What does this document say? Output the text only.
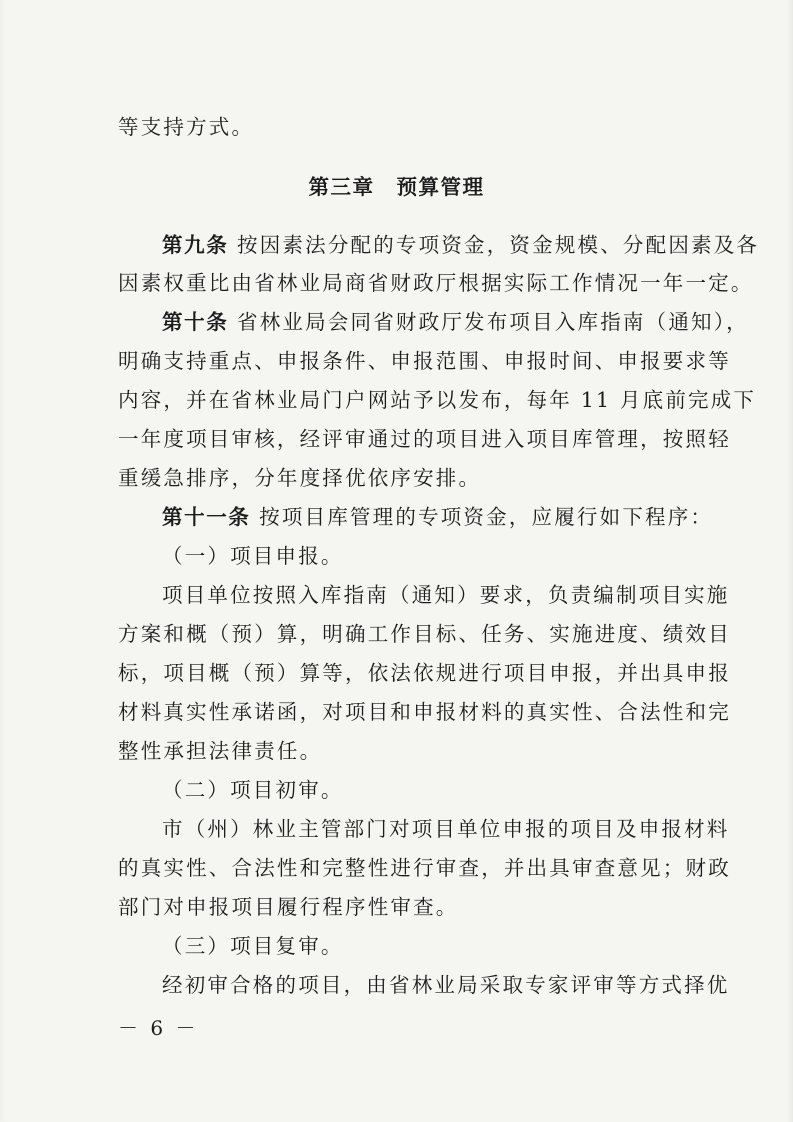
等支持方式。
第三章　预算管理
第九条 按因素法分配的专项资金，资金规模、分配因素及各
因素权重比由省林业局商省财政厅根据实际工作情况一年一定。
第十条 省林业局会同省财政厅发布项目入库指南（通知），
明确支持重点、申报条件、申报范围、申报时间、申报要求等
内容，并在省林业局门户网站予以发布，每年 11 月底前完成下
一年度项目审核，经评审通过的项目进入项目库管理，按照轻
重缓急排序，分年度择优依序安排。
第十一条 按项目库管理的专项资金，应履行如下程序：
（一）项目申报。
项目单位按照入库指南（通知）要求，负责编制项目实施
方案和概（预）算，明确工作目标、任务、实施进度、绩效目
标，项目概（预）算等，依法依规进行项目申报，并出具申报
材料真实性承诺函，对项目和申报材料的真实性、合法性和完
整性承担法律责任。
（二）项目初审。
市（州）林业主管部门对项目单位申报的项目及申报材料
的真实性、合法性和完整性进行审查，并出具审查意见；财政
部门对申报项目履行程序性审查。
（三）项目复审。
经初审合格的项目，由省林业局采取专家评审等方式择优
－ 6 －
